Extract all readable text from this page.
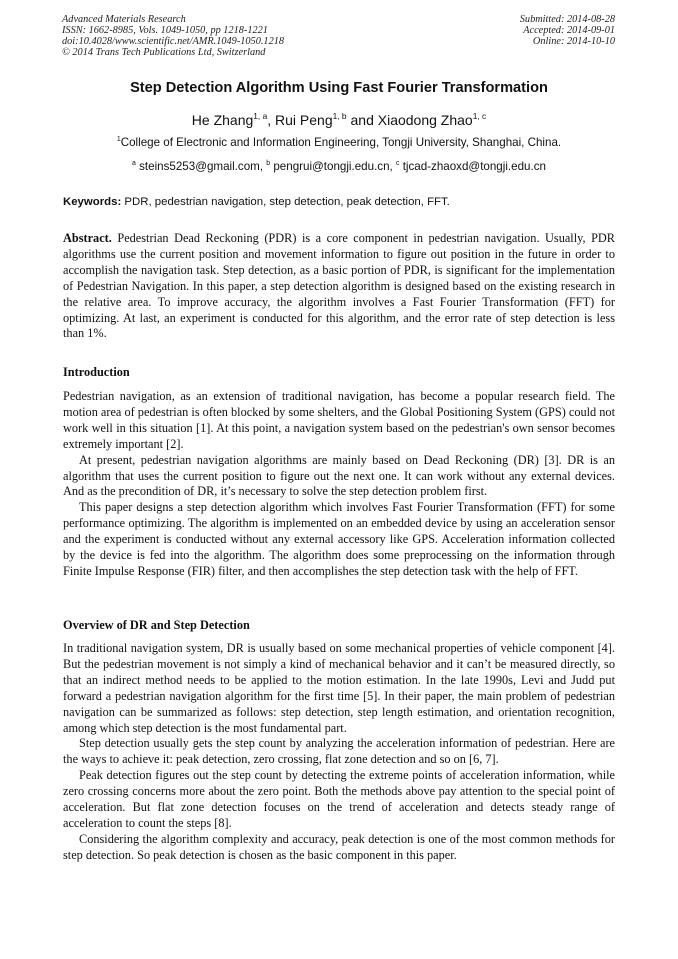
Advanced Materials Research
ISSN: 1662-8985, Vols. 1049-1050, pp 1218-1221
doi:10.4028/www.scientific.net/AMR.1049-1050.1218
© 2014 Trans Tech Publications Ltd, Switzerland
Submitted: 2014-08-28
Accepted: 2014-09-01
Online: 2014-10-10
Step Detection Algorithm Using Fast Fourier Transformation
He Zhang$^{1, a}$, Rui Peng$^{1, b}$ and Xiaodong Zhao$^{1, c}$
$^1$College of Electronic and Information Engineering, Tongji University, Shanghai, China.
$^a$ steins5253@gmail.com, $^b$ pengrui@tongji.edu.cn, $^c$ tjcad-zhaoxd@tongji.edu.cn
Keywords: PDR, pedestrian navigation, step detection, peak detection, FFT.

Abstract. Pedestrian Dead Reckoning (PDR) is a core component in pedestrian navigation. Usually, PDR algorithms use the current position and movement information to figure out position in the future in order to accomplish the navigation task. Step detection, as a basic portion of PDR, is significant for the implementation of Pedestrian Navigation. In this paper, a step detection algorithm is designed based on the existing research in the relative area. To improve accuracy, the algorithm involves a Fast Fourier Transformation (FFT) for optimizing. At last, an experiment is conducted for this algorithm, and the error rate of step detection is less than 1%.

Introduction

Pedestrian navigation, as an extension of traditional navigation, has become a popular research field. The motion area of pedestrian is often blocked by some shelters, and the Global Positioning System (GPS) could not work well in this situation [1]. At this point, a navigation system based on the pedestrian's own sensor becomes extremely important [2].

At present, pedestrian navigation algorithms are mainly based on Dead Reckoning (DR) [3]. DR is an algorithm that uses the current position to figure out the next one. It can work without any external devices. And as the precondition of DR, it’s necessary to solve the step detection problem first.

This paper designs a step detection algorithm which involves Fast Fourier Transformation (FFT) for some performance optimizing. The algorithm is implemented on an embedded device by using an acceleration sensor and the experiment is conducted without any external accessory like GPS. Acceleration information collected by the device is fed into the algorithm. The algorithm does some preprocessing on the information through Finite Impulse Response (FIR) filter, and then accomplishes the step detection task with the help of FFT.

Overview of DR and Step Detection

In traditional navigation system, DR is usually based on some mechanical properties of vehicle component [4]. But the pedestrian movement is not simply a kind of mechanical behavior and it can’t be measured directly, so that an indirect method needs to be applied to the motion estimation. In the late 1990s, Levi and Judd put forward a pedestrian navigation algorithm for the first time [5]. In their paper, the main problem of pedestrian navigation can be summarized as follows: step detection, step length estimation, and orientation recognition, among which step detection is the most fundamental part.

Step detection usually gets the step count by analyzing the acceleration information of pedestrian. Here are the ways to achieve it: peak detection, zero crossing, flat zone detection and so on [6, 7].

Peak detection figures out the step count by detecting the extreme points of acceleration information, while zero crossing concerns more about the zero point. Both the methods above pay attention to the special point of acceleration. But flat zone detection focuses on the trend of acceleration and detects steady range of acceleration to count the steps [8].

Considering the algorithm complexity and accuracy, peak detection is one of the most common methods for step detection. So peak detection is chosen as the basic component in this paper.
